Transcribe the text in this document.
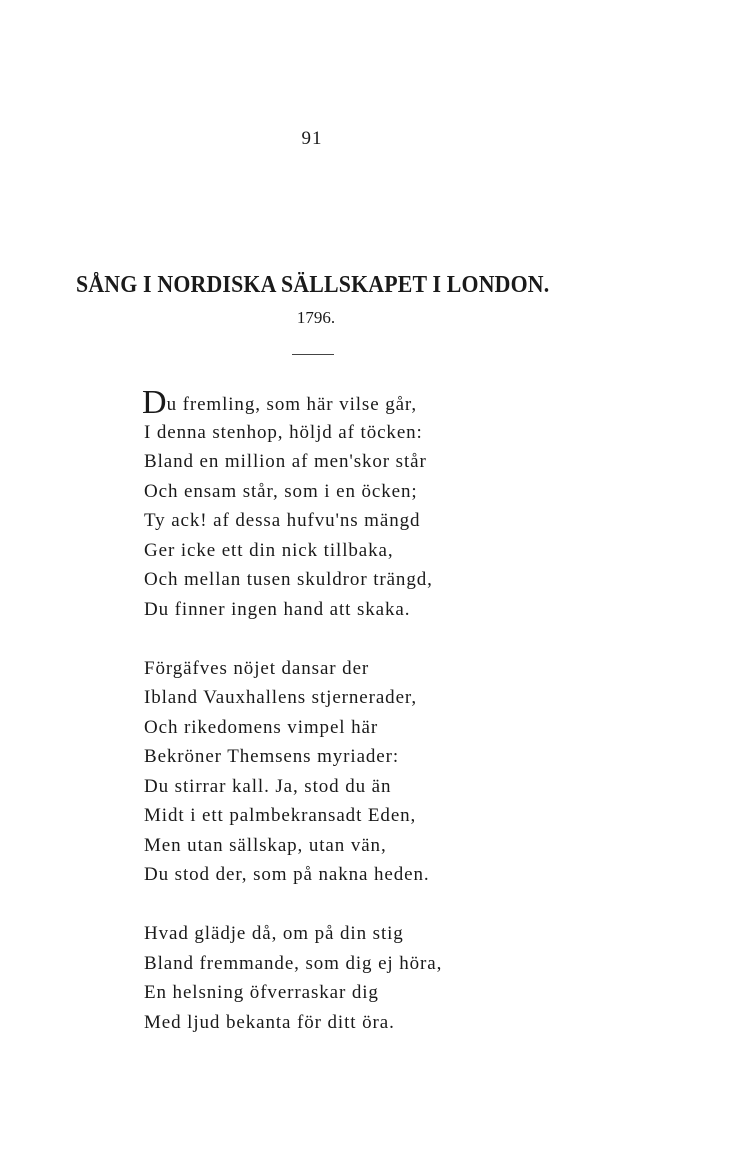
91
SÅNG I NORDISKA SÄLLSKAPET I LONDON.
1796.
Du fremling, som här vilse går,
I denna stenhop, höljd af töcken:
Bland en million af men'skor står
Och ensam står, som i en öcken;
Ty ack! af dessa hufvu'ns mängd
Ger icke ett din nick tillbaka,
Och mellan tusen skuldror trängd,
Du finner ingen hand att skaka.
Förgäfves nöjet dansar der
Ibland Vauxhallens stjernerader,
Och rikedomens vimpel här
Bekröner Themsens myriader:
Du stirrar kall. Ja, stod du än
Midt i ett palmbekransadt Eden,
Men utan sällskap, utan vän,
Du stod der, som på nakna heden.
Hvad glädje då, om på din stig
Bland fremmande, som dig ej höra,
En helsning öfverraskar dig
Med ljud bekanta för ditt öra.
